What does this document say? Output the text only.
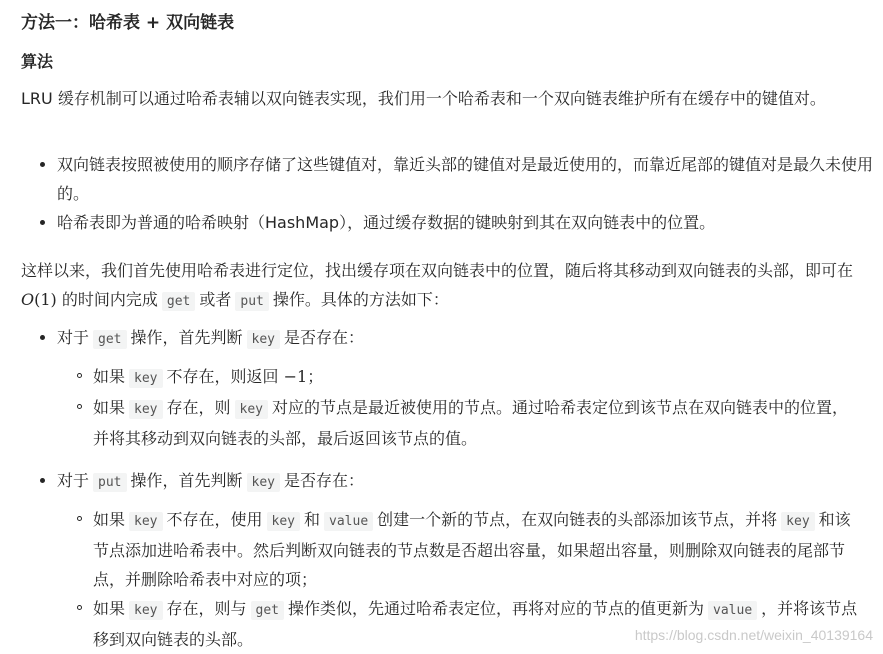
方法一：哈希表 + 双向链表
算法

LRU 缓存机制可以通过哈希表辅以双向链表实现，我们用一个哈希表和一个双向链表维护所有在缓存中的键值对。

双向链表按照被使用的顺序存储了这些键值对，靠近头部的键值对是最近使用的，而靠近尾部的键值对是最久未使用的。
哈希表即为普通的哈希映射（HashMap），通过缓存数据的键映射到其在双向链表中的位置。

这样以来，我们首先使用哈希表进行定位，找出缓存项在双向链表中的位置，随后将其移动到双向链表的头部，即可在 O(1) 的时间内完成 get 或者 put 操作。具体的方法如下：

对于 get 操作，首先判断 key 是否存在：
如果 key 不存在，则返回 −1；
如果 key 存在，则 key 对应的节点是最近被使用的节点。通过哈希表定位到该节点在双向链表中的位置，并将其移动到双向链表的头部，最后返回该节点的值。
对于 put 操作，首先判断 key 是否存在：
如果 key 不存在，使用 key 和 value 创建一个新的节点，在双向链表的头部添加该节点，并将 key 和该节点添加进哈希表中。然后判断双向链表的节点数是否超出容量，如果超出容量，则删除双向链表的尾部节点，并删除哈希表中对应的项；
如果 key 存在，则与 get 操作类似，先通过哈希表定位，再将对应的节点的值更新为 value ，并将该节点移到双向链表的头部。	https://blog.csdn.net/weixin_40139164
